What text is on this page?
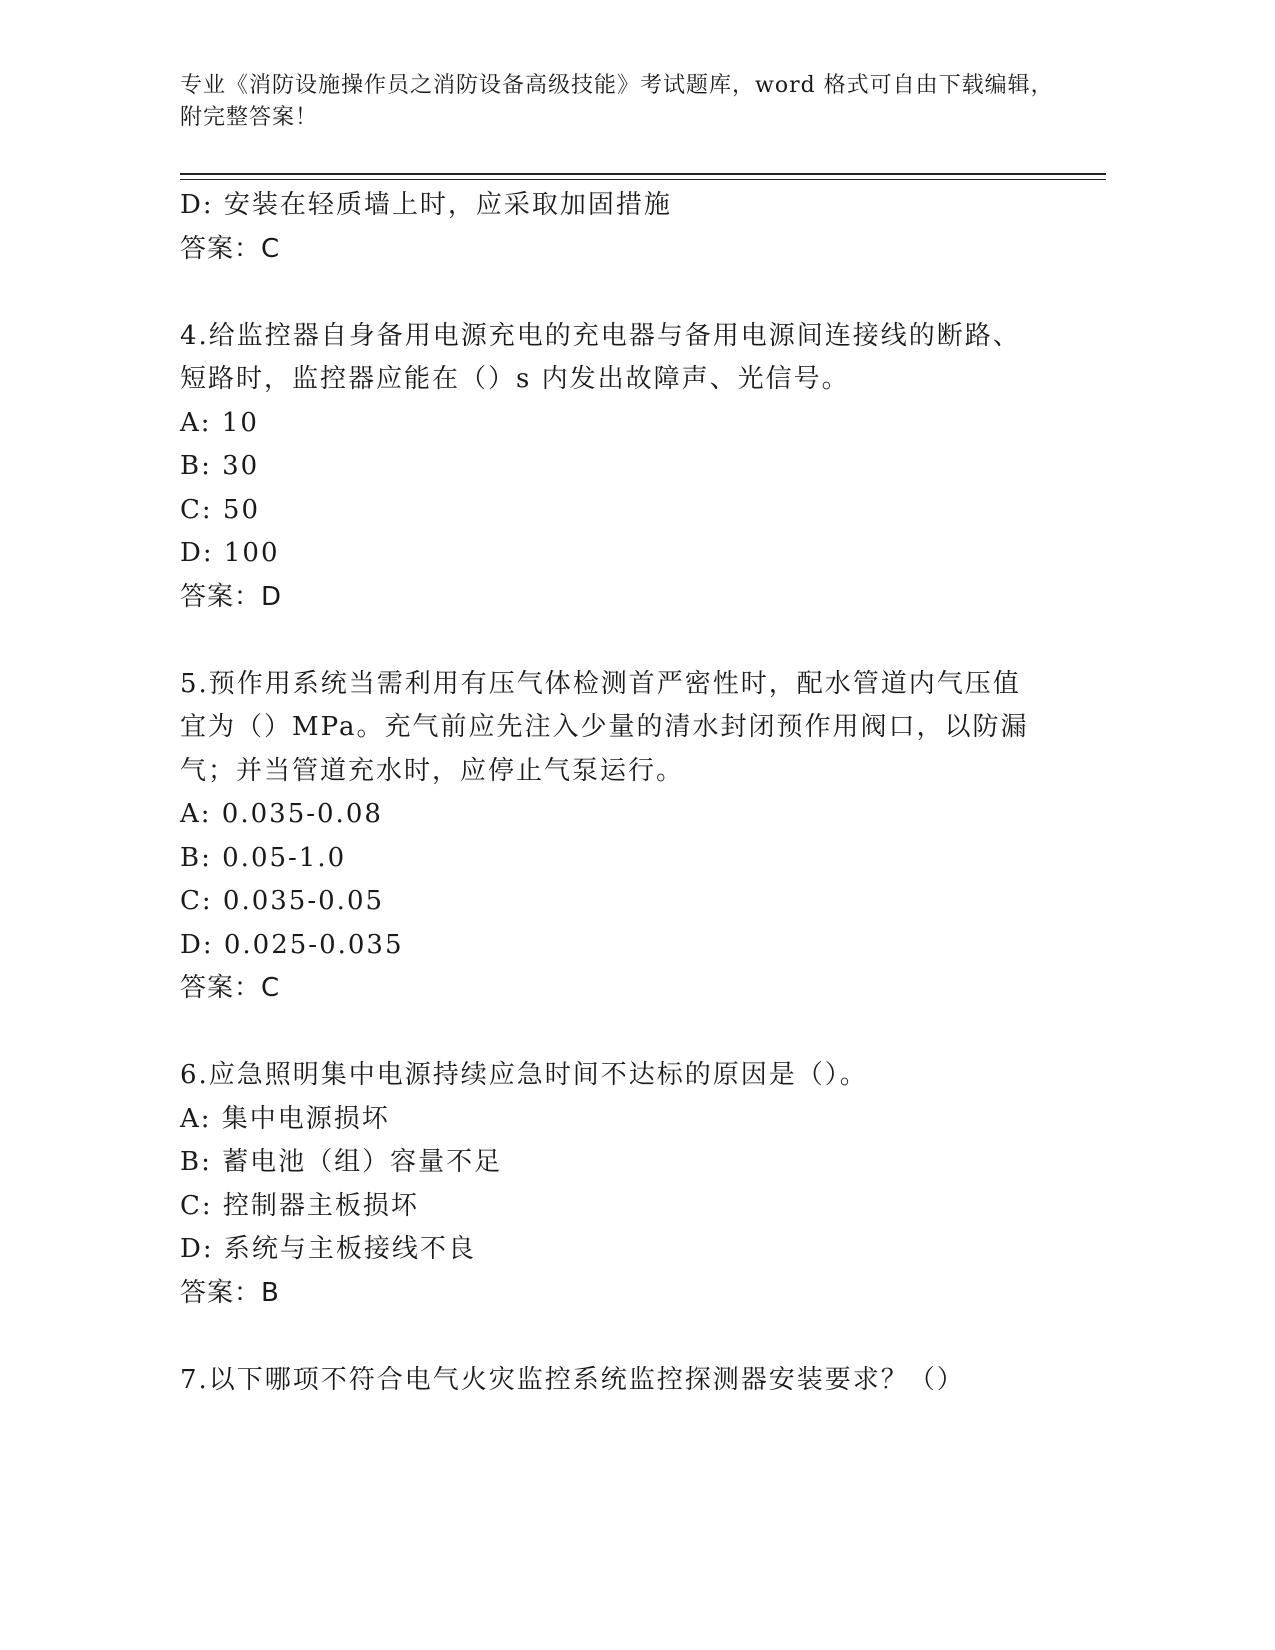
专业《消防设施操作员之消防设备高级技能》考试题库，word 格式可自由下载编辑，附完整答案！
D: 安装在轻质墙上时，应采取加固措施
答案：C
4.给监控器自身备用电源充电的充电器与备用电源间连接线的断路、短路时，监控器应能在（）s 内发出故障声、光信号。
A: 10
B: 30
C: 50
D: 100
答案：D
5.预作用系统当需利用有压气体检测首严密性时，配水管道内气压值宜为（）MPa。充气前应先注入少量的清水封闭预作用阀口，以防漏气；并当管道充水时，应停止气泵运行。
A: 0.035-0.08
B: 0.05-1.0
C: 0.035-0.05
D: 0.025-0.035
答案：C
6.应急照明集中电源持续应急时间不达标的原因是（）。
A: 集中电源损坏
B: 蓄电池（组）容量不足
C: 控制器主板损坏
D: 系统与主板接线不良
答案：B
7.以下哪项不符合电气火灾监控系统监控探测器安装要求？（）
